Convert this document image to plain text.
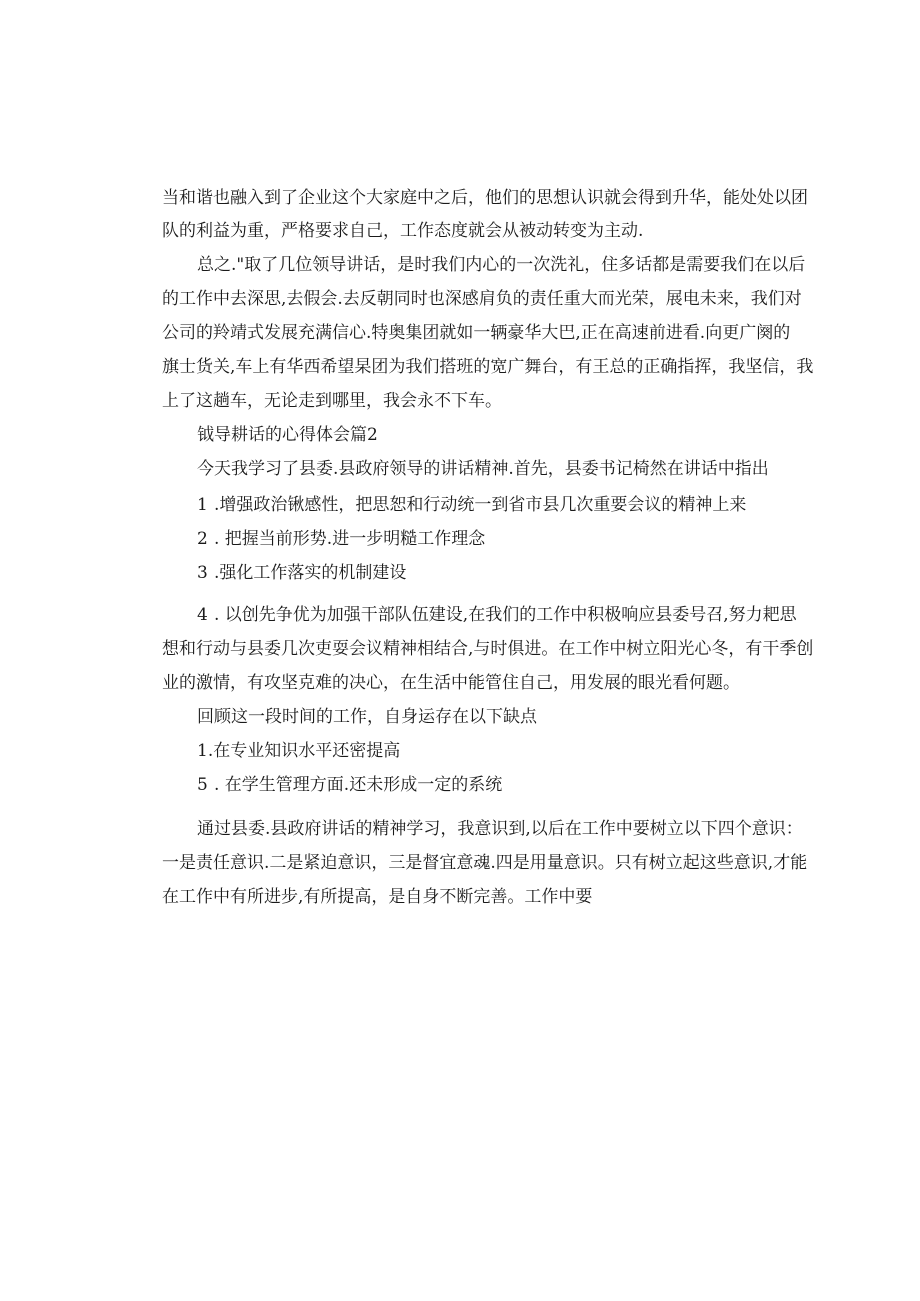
当和谐也融入到了企业这个大家庭中之后，他们的思想认识就会得到升华，能处处以团
队的利益为重，严格要求自己，工作态度就会从被动转变为主动.
总之."取了几位领导讲话，是时我们内心的一次洗礼，住多话都是需要我们在以后
的工作中去深思,去假会.去反朝同时也深感肩负的责任重大而光荣，展电未来，我们对
公司的羚靖式发展充满信心.特奥集团就如一辆豪华大巴,正在高速前进看.向更广阕的
旗士货关,车上有华西希望杲团为我们搭班的宽广舞台，有王总的正确指挥，我坚信，我
上了这趟车，无论走到哪里，我会永不下车。
钺导耕话的心得体会篇2
今天我学习了县委.县政府领导的讲话精神.首先，县委书记椅然在讲话中指出
1 .增强政治锹感性，把思恕和行动统一到省市县几次重要会议的精神上来
2 . 把握当前形势.进一步明糙工作理念
3 .强化工作落实的机制建设
4 . 以创先争优为加强干部队伍建设,在我们的工作中积极响应县委号召,努力耙思
想和行动与县委几次吏耍会议精神相结合,与时俱进。在工作中树立阳光心冬，有干季创
业的激情，有攻坚克难的决心，在生活中能管住自己，用发展的眼光看何题。
回顾这一段时间的工作，自身运存在以下缺点
1.在专业知识水平还密提高
5 . 在学生管理方面.还未形成一定的系统
通过县委.县政府讲话的精神学习，我意识到,以后在工作中要树立以下四个意识：
一是责任意识.二是紧迫意识，三是督宜意魂.四是用量意识。只有树立起这些意识,才能
在工作中有所进步,有所提高，是自身不断完善。工作中要
